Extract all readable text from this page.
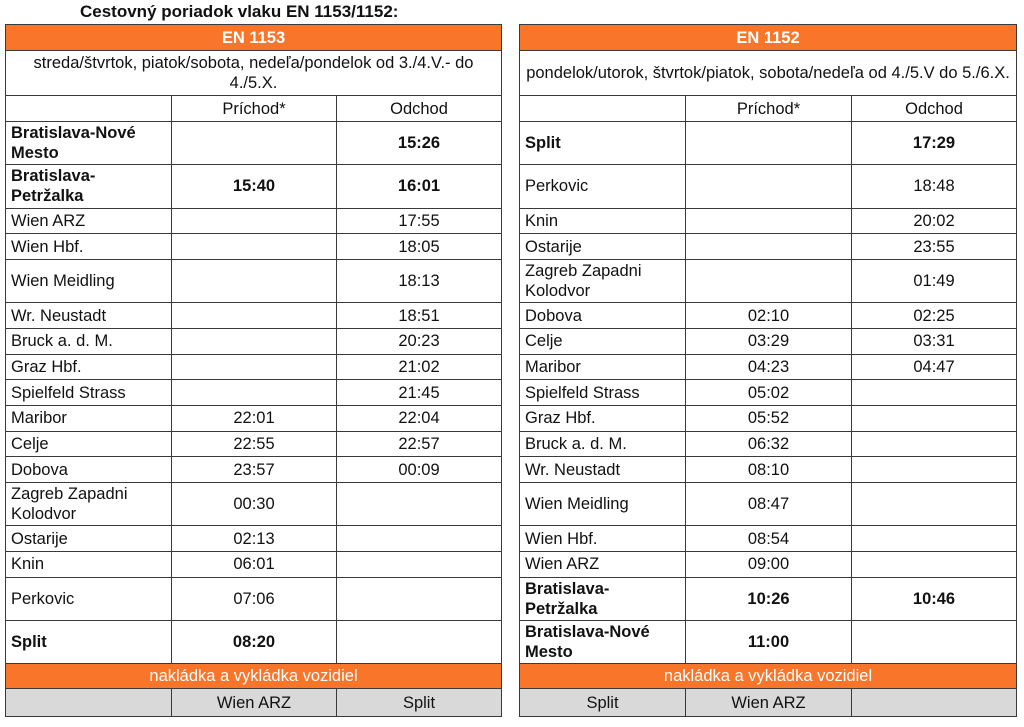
Cestovný poriadok vlaku EN 1153/1152:
EN 1153		
streda/štvrtok, piatok/sobota, nedeľa/pondelok od 3./4.V.- do 4./5.X.		
	Príchod*	Odchod
Bratislava-Nové Mesto		15:26
Bratislava-Petržalka	15:40	16:01
Wien ARZ		17:55
Wien Hbf.		18:05
Wien Meidling		18:13
Wr. Neustadt		18:51
Bruck a. d. M.		20:23
Graz Hbf.		21:02
Spielfeld Strass		21:45
Maribor	22:01	22:04
Celje	22:55	22:57
Dobova	23:57	00:09
Zagreb Zapadni Kolodvor	00:30	
Ostarije	02:13	
Knin	06:01	
Perkovic	07:06	
Split	08:20	
nakládka a vykládka vozidiel		
	Wien ARZ	Split
EN 1152		
pondelok/utorok, štvrtok/piatok, sobota/nedeľa od 4./5.V do 5./6.X.		
	Príchod*	Odchod
Split		17:29
Perkovic		18:48
Knin		20:02
Ostarije		23:55
Zagreb Zapadni Kolodvor		01:49
Dobova	02:10	02:25
Celje	03:29	03:31
Maribor	04:23	04:47
Spielfeld Strass	05:02	
Graz Hbf.	05:52	
Bruck a. d. M.	06:32	
Wr. Neustadt	08:10	
Wien Meidling	08:47	
Wien Hbf.	08:54	
Wien ARZ	09:00	
Bratislava-Petržalka	10:26	10:46
Bratislava-Nové Mesto	11:00	
nakládka a vykládka vozidiel		
Split	Wien ARZ	
